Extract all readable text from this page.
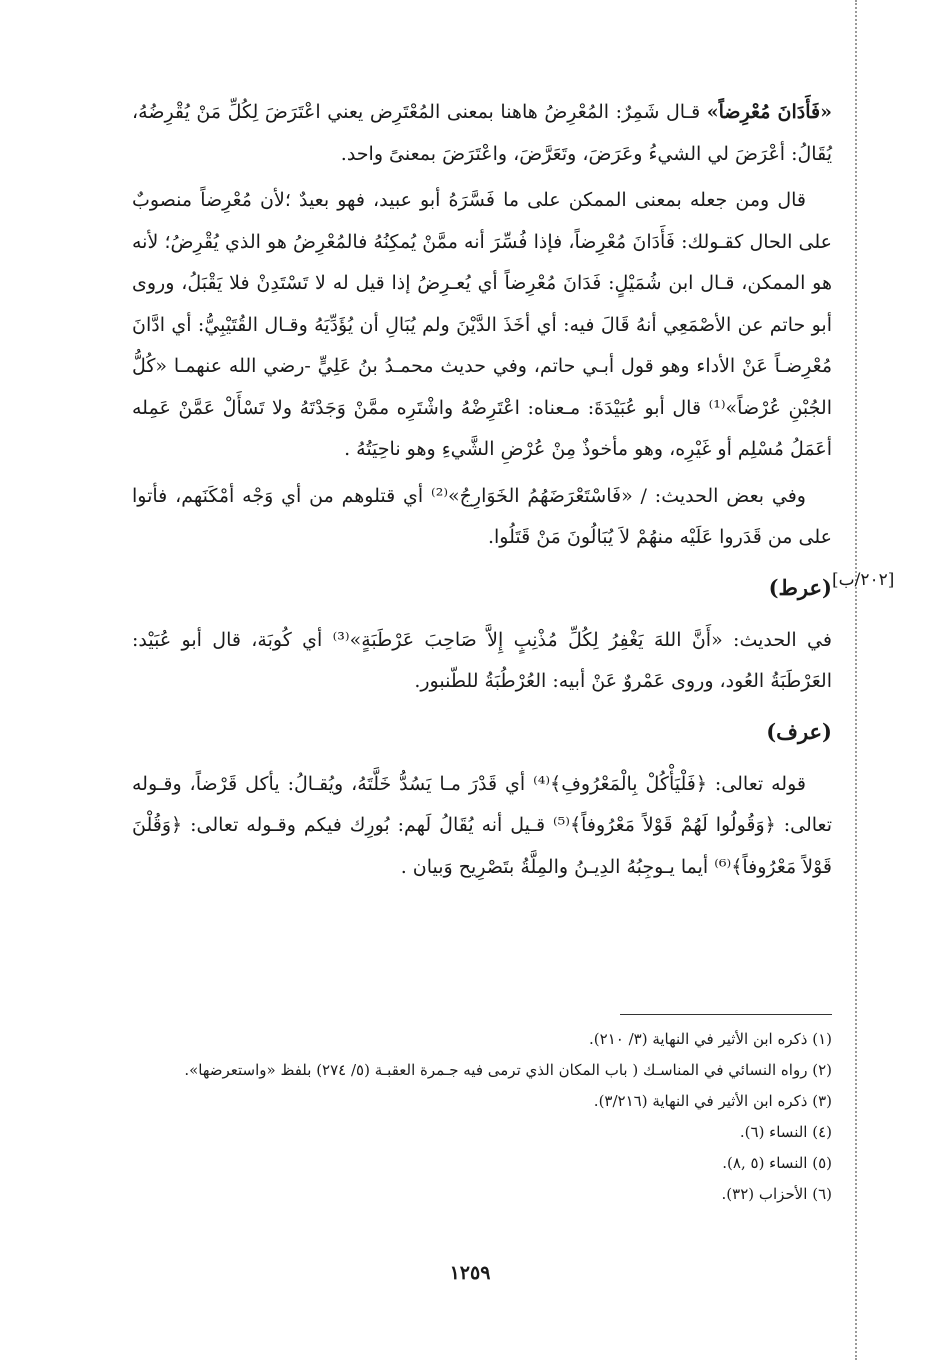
[٢٠٢/ب]

«فَأَدَانَ مُعْرِضاً» قـال شَمِرٌ: المُعْرِضُ هاهنا بمعنى المُعْتَرِض يعني اعْتَرَضَ لِكُلِّ مَنْ يُقْرِضُهُ، يُقَالُ: أعْرَضَ لي الشيءُ وعَرَضَ، وتَعَرَّضَ، واعْتَرَضَ بمعنىً واحد.

قال ومن جعله بمعنى الممكن على ما فَسَّرَهُ أبو عبيد، فهو بعيدٌ ؛لأن مُعْرِضاً منصوبٌ على الحال كقـولك: فَأَدَانَ مُعْرِضاً، فإذا فُسِّرَ أنه ممَّنْ يُمكِنُهُ فالمُعْرِضُ هو الذي يُقْرِضُ؛ لأنه هو الممكن، قـال ابن شُمَيْلٍ: فَدَانَ مُعْرِضاً أي يُعـرِضُ إذا قيل له لا تَسْتَدِنْ فلا يَقْبَلُ، وروى أبو حاتم عن الأصْمَعِي أنهُ قَالَ فيه: أي أخَذَ الدَّيْنَ ولم يُبَالِ أن يُؤَدِّيَهُ وقـال القُتَيْبِيُّ: أي ادَّانَ مُعْرِضـاً عَنْ الأداء وهو قول أبـي حاتم، وفي حديث محمـدُ بنُ عَلِيٍّ -رضي الله عنهمـا «كُلُّ الجُبْنِ عُرْضاً»⁽¹⁾ قال أبو عُبَيْدَةَ: مـعناه: اعْتَرِضْهُ واشْتَرِه ممَّنْ وَجَدْتَهُ ولا تَسْأَلْ عَمَّنْ عَمِله أعَمَلُ مُسْلِم أو غَيْرِه، وهو مأخوذٌ مِنْ عُرْضِ الشَّيءِ وهو ناحِيَتُهُ .

وفي بعض الحديث: / «فَاسْتَعْرَضَهُمُ الخَوَارِجُ»⁽²⁾ أي قتلوهم من أي وَجْه أمْكَنَهم، فأتوا على من قَدَروا عَلَيْه منهُمْ لاَ يُبَالُونَ مَنْ قَتَلُوا.

(عرط)

في الحديث: «أَنَّ اللهَ يَغْفِرُ لِكُلِّ مُذْنِبٍ إِلاَّ صَاحِبَ عَرْطَبَةٍ»⁽³⁾ أي كُوبَة، قال أبو عُبَيْد: العَرْطَبَةُ العُود، وروى عَمْروٌ عَنْ أبيه: العُرْطُبَةُ للطّنبور.

(عرف)

قوله تعالى: ﴿فَلْيَأْكُلْ بِالْمَعْرُوفِ﴾⁽⁴⁾ أي قَدْرَ مـا يَسُدُّ خَلَّتَهُ، ويُقـالُ: يأكل قَرْضاً، وقـوله تعالى: ﴿وَقُولُوا لَهُمْ قَوْلاً مَعْرُوفاً﴾⁽⁵⁾ قـيل أنه يُقَالُ لَهم: بُورِك فيكم وقـوله تعالى: ﴿وَقُلْنَ قَوْلاً مَعْرُوفاً﴾⁽⁶⁾ أيما يـوجِبُهُ الدِيـنُ والمِلَّةُ بتَصْرِيح وَبيان .

(١) ذكره ابن الأثير في النهاية (٣/ ٢١٠).

(٢) رواه النسائي في المناسـك ( باب المكان الذي ترمى فيه جـمرة العقبـة (٥/ ٢٧٤) بلفظ «واستعرضها».

(٣) ذكره ابن الأثير في النهاية (٣/٢١٦).

(٤) النساء (٦).

(٥) النساء (٥ ,٨).

(٦) الأحزاب (٣٢).

١٢٥٩
